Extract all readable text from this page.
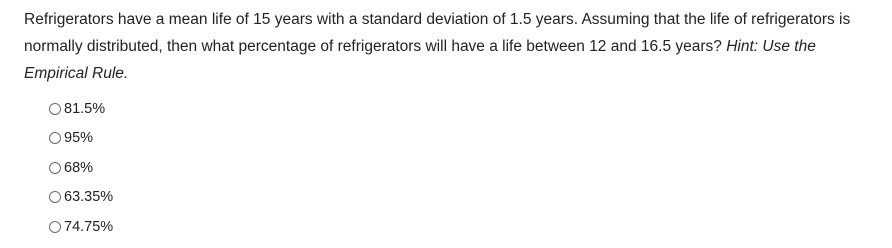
Refrigerators have a mean life of 15 years with a standard deviation of 1.5 years. Assuming that the life of refrigerators is normally distributed, then what percentage of refrigerators will have a life between 12 and 16.5 years? Hint: Use the Empirical Rule.

81.5%
95%
68%
63.35%
74.75%
